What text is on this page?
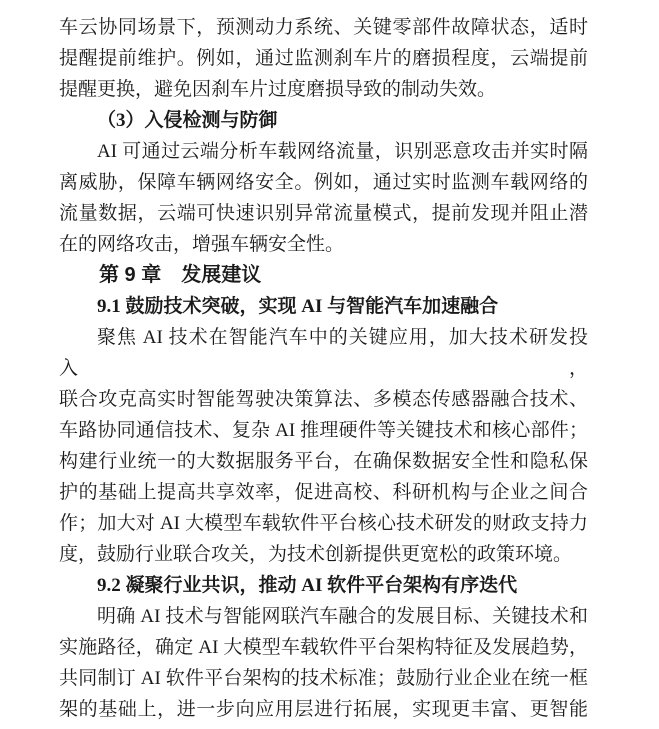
车云协同场景下，预测动力系统、关键零部件故障状态，适时
提醒提前维护。例如，通过监测刹车片的磨损程度，云端提前
提醒更换，避免因刹车片过度磨损导致的制动失效。
（3）入侵检测与防御
AI 可通过云端分析车载网络流量，识别恶意攻击并实时隔
离威胁，保障车辆网络安全。例如，通过实时监测车载网络的
流量数据，云端可快速识别异常流量模式，提前发现并阻止潜
在的网络攻击，增强车辆安全性。
第 9 章　发展建议
9.1 鼓励技术突破，实现 AI 与智能汽车加速融合
聚焦 AI 技术在智能汽车中的关键应用，加大技术研发投入，
联合攻克高实时智能驾驶决策算法、多模态传感器融合技术、
车路协同通信技术、复杂 AI 推理硬件等关键技术和核心部件；
构建行业统一的大数据服务平台，在确保数据安全性和隐私保
护的基础上提高共享效率，促进高校、科研机构与企业之间合
作；加大对 AI 大模型车载软件平台核心技术研发的财政支持力
度，鼓励行业联合攻关，为技术创新提供更宽松的政策环境。
9.2 凝聚行业共识，推动 AI 软件平台架构有序迭代
明确 AI 技术与智能网联汽车融合的发展目标、关键技术和
实施路径，确定 AI 大模型车载软件平台架构特征及发展趋势，
共同制订 AI 软件平台架构的技术标准；鼓励行业企业在统一框
架的基础上，进一步向应用层进行拓展，实现更丰富、更智能
